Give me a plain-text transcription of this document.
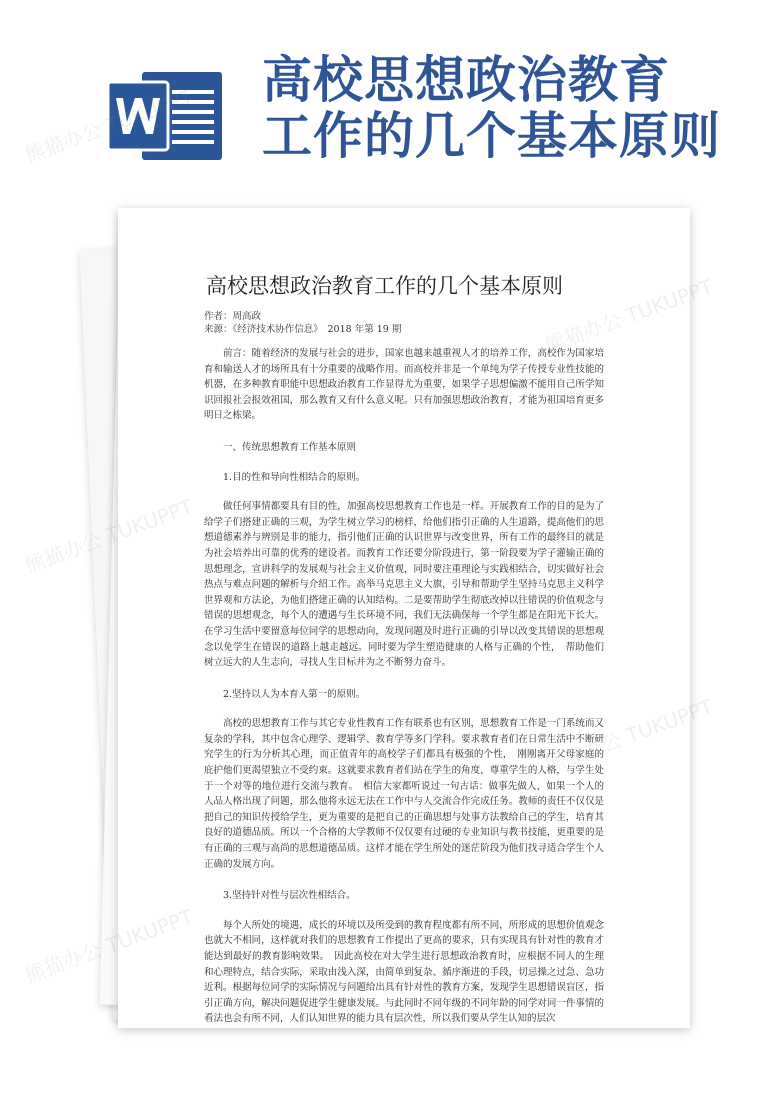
高校思想政治教育
工作的几个基本原则
高校思想政治教育工作的几个基本原则
作者：周高政
来源：《经济技术协作信息》　2018 年第 19 期

前言：随着经济的发展与社会的进步，国家也越来越重视人才的培养工作，高校作为国家培育和输送人才的场所具有十分重要的战略作用。而高校并非是一个单纯为学子传授专业性技能的机器，在多种教育职能中思想政治教育工作显得尤为重要，如果学子思想偏激不能用自己所学知识回报社会报效祖国，那么教育又有什么意义呢。只有加强思想政治教育，才能为祖国培育更多明日之栋梁。

一、传统思想教育工作基本原则

1.目的性和导向性相结合的原则。

做任何事情都要具有目的性，加强高校思想教育工作也是一样。开展教育工作的目的是为了给学子们搭建正确的三观，为学生树立学习的榜样，给他们指引正确的人生道路，提高他们的思想道德素养与辨别是非的能力，指引他们正确的认识世界与改变世界，所有工作的最终目的就是为社会培养出可靠的优秀的建设者。而教育工作还要分阶段进行，第一阶段要为学子灌输正确的思想理念，宣讲科学的发展观与社会主义价值观，同时要注重理论与实践相结合，切实做好社会热点与难点问题的解析与介绍工作。高举马克思主义大旗，引导和帮助学生坚持马克思主义科学世界观和方法论，为他们搭建正确的认知结构。二是要帮助学生彻底改掉以往错误的价值观念与错误的思想观念，每个人的遭遇与生长环境不同，我们无法确保每一个学生都是在阳光下长大。在学习生活中要留意每位同学的思想动向，发现问题及时进行正确的引导以改变其错误的思想观念以免学生在错误的道路上越走越远。同时要为学生塑造健康的人格与正确的个性，　帮助他们树立远大的人生志向，寻找人生目标并为之不断努力奋斗。

2.坚持以人为本育人第一的原则。

高校的思想教育工作与其它专业性教育工作有联系也有区别，思想教育工作是一门系统而又复杂的学科，其中包含心理学、逻辑学、教育学等多门学科。要求教育者们在日常生活中不断研究学生的行为分析其心理，而正值青年的高校学子们都具有极强的个性，　刚刚离开父母家庭的庇护他们更渴望独立不受约束。这就要求教育者们站在学生的角度，尊重学生的人格，与学生处于一个对等的地位进行交流与教育。　相信大家都听说过一句古话：做事先做人，如果一个人的人品人格出现了问题，那么他将永远无法在工作中与人交流合作完成任务。教师的责任不仅仅是把自己的知识传授给学生，更为重要的是把自己的正确思想与处事方法教给自己的学生，培育其良好的道德品质。所以一个合格的大学教师不仅仅要有过硬的专业知识与教书技能，更重要的是有正确的三观与高尚的思想道德品质。这样才能在学生所处的迷茫阶段为他们找寻适合学生个人正确的发展方向。

3.坚持针对性与层次性相结合。

每个人所处的境遇，成长的环境以及所受到的教育程度都有所不同，所形成的思想价值观念也就大不相同，这样就对我们的思想教育工作提出了更高的要求，只有实现具有针对性的教育才能达到最好的教育影响效果。　因此高校在对大学生进行思想政治教育时，应根据不同人的生理和心理特点，结合实际，采取由浅入深，由简单到复杂、循序渐进的手段，切忌操之过急、急功近利。根据每位同学的实际情况与问题给出具有针对性的教育方案，发现学生思想错误盲区，指引正确方向，解决问题促进学生健康发展。与此同时不同年级的不同年龄的同学对同一件事情的看法也会有所不同，人们认知世界的能力具有层次性，所以我们要从学生认知的层次

熊猫办公
熊猫办公
熊猫办公
